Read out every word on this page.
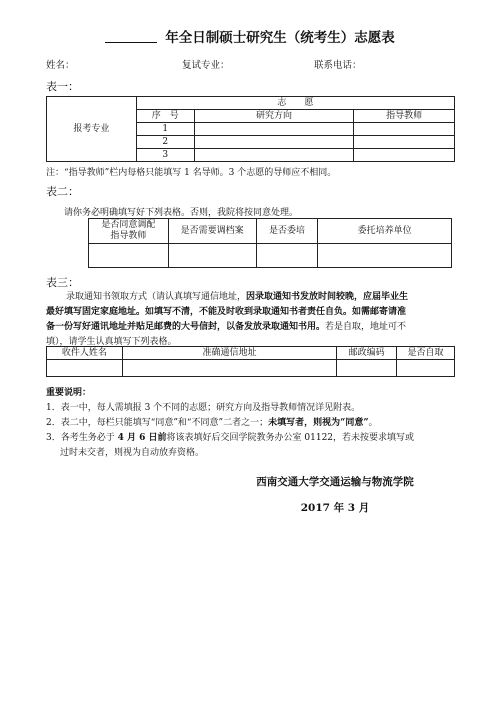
年全日制硕士研究生（统考生）志愿表
姓名：	复试专业：	联系电话：
表一：
报考专业	志　　愿		
	序　号	研究方向	指导教师
	1		
	2		
	3		
注：“指导教师”栏内每格只能填写 1 名导师。3 个志愿的导师应不相同。
表二：
请你务必明确填写好下列表格。否则，我院将按同意处理。
是否同意调配
指导教师	是否需要调档案	是否委培	委托培养单位

表三：
录取通知书领取方式（请认真填写通信地址，因录取通知书发放时间较晚，应届毕业生
最好填写固定家庭地址。如填写不清，不能及时收到录取通知书者责任自负。如需邮寄请准
备一份写好通讯地址并贴足邮费的大号信封，以备发放录取通知书用。若是自取，地址可不
填），请学生认真填写下列表格。
收件人姓名	准确通信地址	邮政编码	是否自取

重要说明：
1．表一中，每人需填报 3 个不同的志愿；研究方向及指导教师情况详见附表。
2．表二中，每栏只能填写“同意”和“不同意”二者之一；未填写者，则视为“同意”。
3．各考生务必于 4 月 6 日前将该表填好后交回学院教务办公室 01122，若未按要求填写或
过时未交者，则视为自动放弃资格。
西南交通大学交通运输与物流学院
2017 年 3 月
